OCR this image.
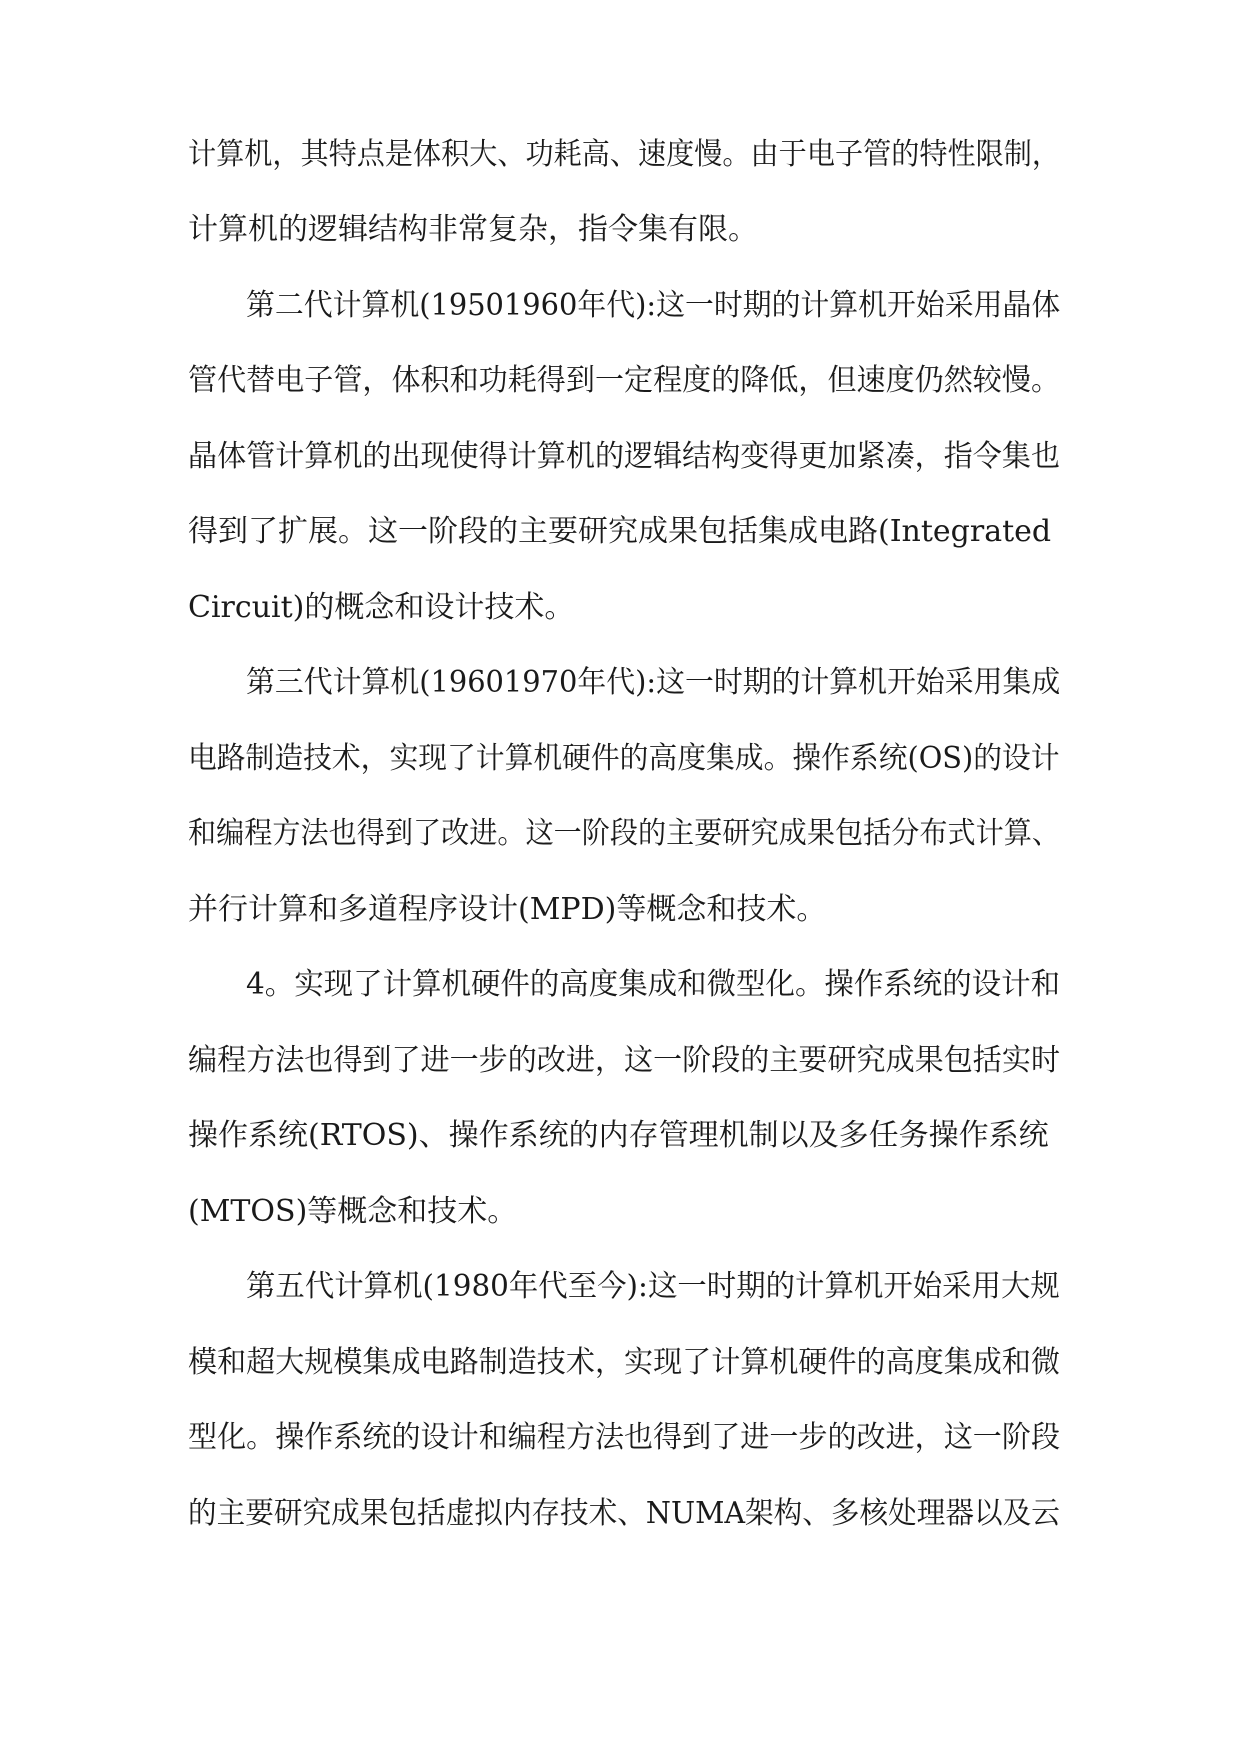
计算机，其特点是体积大、功耗高、速度慢。由于电子管的特性限制，
计算机的逻辑结构非常复杂，指令集有限。
第二代计算机(19501960年代):这一时期的计算机开始采用晶体
管代替电子管，体积和功耗得到一定程度的降低，但速度仍然较慢。
晶体管计算机的出现使得计算机的逻辑结构变得更加紧凑，指令集也
得到了扩展。这一阶段的主要研究成果包括集成电路(Integrated
Circuit)的概念和设计技术。
第三代计算机(19601970年代):这一时期的计算机开始采用集成
电路制造技术，实现了计算机硬件的高度集成。操作系统(OS)的设计
和编程方法也得到了改进。这一阶段的主要研究成果包括分布式计算、
并行计算和多道程序设计(MPD)等概念和技术。
4。实现了计算机硬件的高度集成和微型化。操作系统的设计和
编程方法也得到了进一步的改进，这一阶段的主要研究成果包括实时
操作系统(RTOS)、操作系统的内存管理机制以及多任务操作系统
(MTOS)等概念和技术。
第五代计算机(1980年代至今):这一时期的计算机开始采用大规
模和超大规模集成电路制造技术，实现了计算机硬件的高度集成和微
型化。操作系统的设计和编程方法也得到了进一步的改进，这一阶段
的主要研究成果包括虚拟内存技术、NUMA架构、多核处理器以及云
